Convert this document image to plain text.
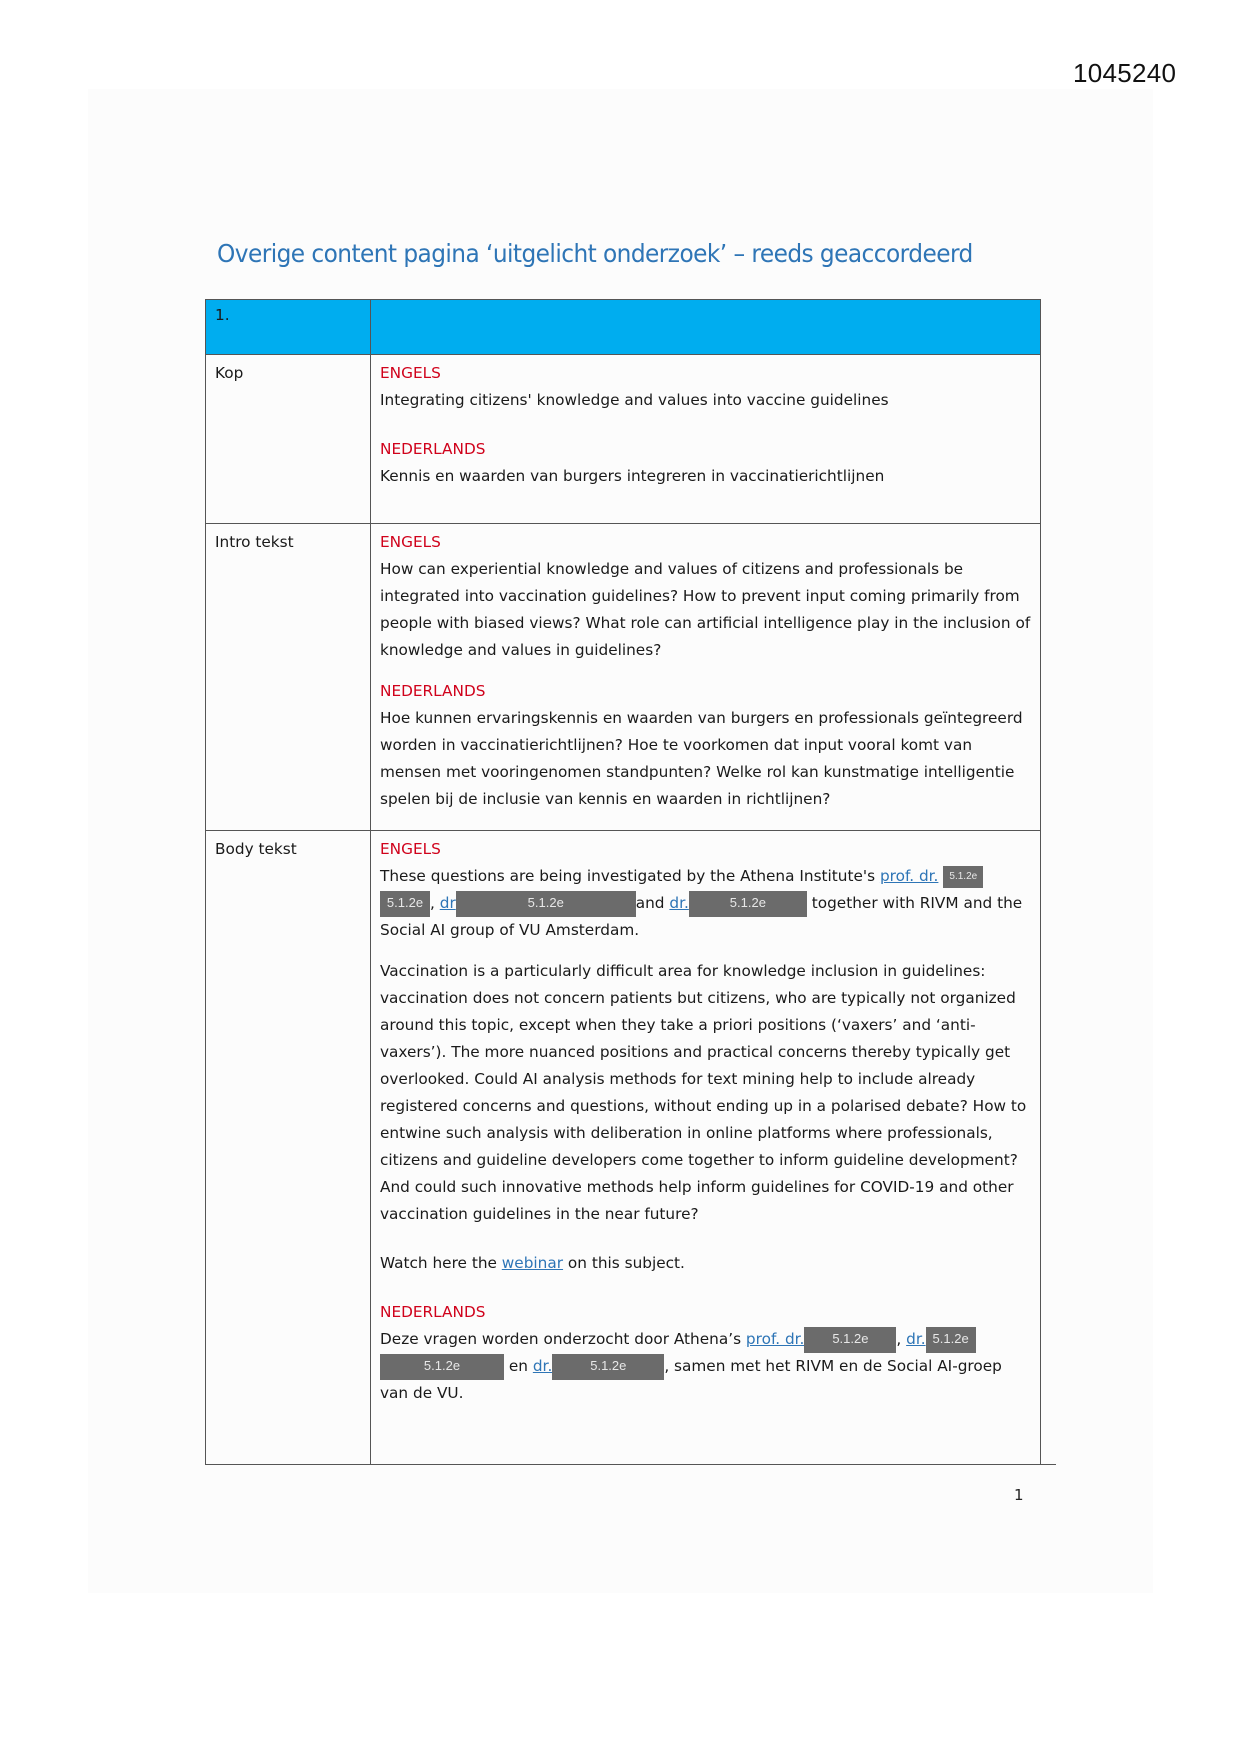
1045240
Overige content pagina ‘uitgelicht onderzoek’ – reeds geaccordeerd
1.	
Kop	ENGELS
Integrating citizens' knowledge and values into vaccine guidelines
NEDERLANDS
Kennis en waarden van burgers integreren in vaccinatierichtlijnen

Intro tekst	ENGELS
How can experiential knowledge and values of citizens and professionals be integrated into vaccination guidelines? How to prevent input coming primarily from people with biased views? What role can artificial intelligence play in the inclusion of knowledge and values in guidelines?
NEDERLANDS
Hoe kunnen ervaringskennis en waarden van burgers en professionals geïntegreerd worden in vaccinatierichtlijnen? Hoe te voorkomen dat input vooral komt van mensen met vooringenomen standpunten? Welke rol kan kunstmatige intelligentie spelen bij de inclusie van kennis en waarden in richtlijnen?

Body tekst	ENGELS
These questions are being investigated by the Athena Institute's prof. dr. 5.1.2e
5.1.2e , dr	5.1.2e	and dr.	5.1.2e	together with RIVM and the Social AI group of VU Amsterdam.
Vaccination is a particularly difficult area for knowledge inclusion in guidelines: vaccination does not concern patients but citizens, who are typically not organized around this topic, except when they take a priori positions (‘vaxers’ and ‘anti-vaxers’). The more nuanced positions and practical concerns thereby typically get overlooked. Could AI analysis methods for text mining help to include already registered concerns and questions, without ending up in a polarised debate? How to entwine such analysis with deliberation in online platforms where professionals, citizens and guideline developers come together to inform guideline development? And could such innovative methods help inform guidelines for COVID-19 and other vaccination guidelines in the near future?
Watch here the webinar on this subject.
NEDERLANDS
Deze vragen worden onderzocht door Athena’s prof. dr. 5.1.2e , dr. 5.1.2e
5.1.2e	en dr.	5.1.2e , samen met het RIVM en de Social AI-groep van de VU.
1
